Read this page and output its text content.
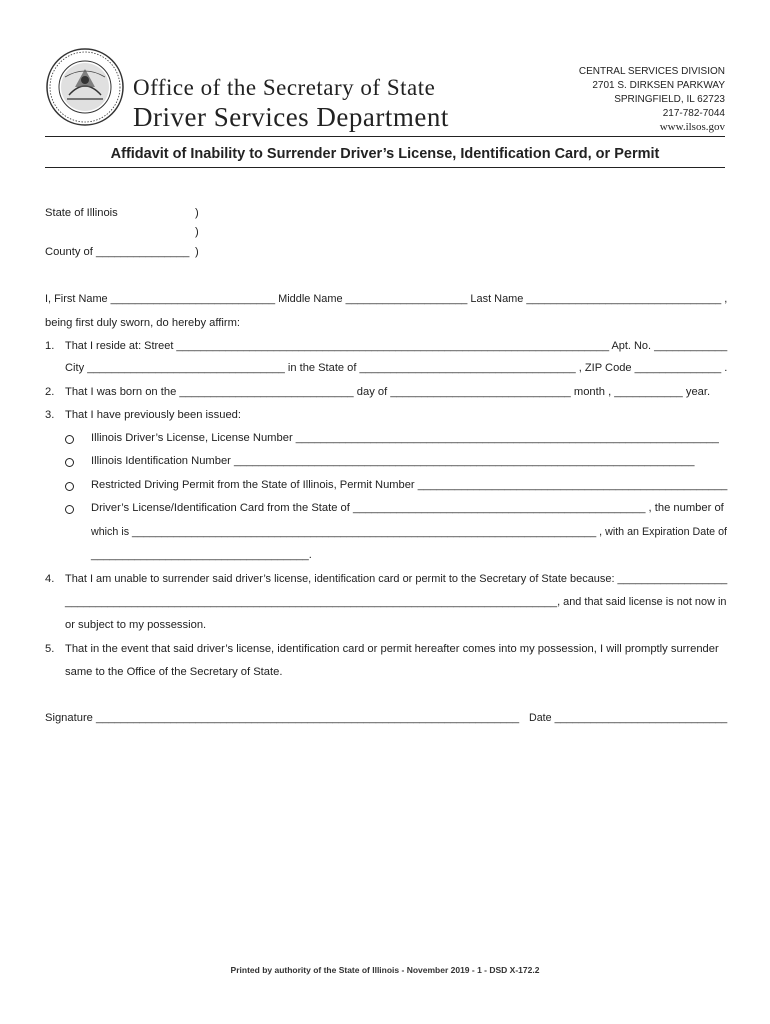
Office of the Secretary of State
Driver Services Department
CENTRAL SERVICES DIVISION
2701 S. DIRKSEN PARKWAY
SPRINGFIELD, IL 62723
217-782-7044
www.ilsos.gov
Affidavit of Inability to Surrender Driver’s License, Identification Card, or Permit
State of Illinois	)
)
County of _______________ )
I, First Name ___________________________ Middle Name ____________________ Last Name ________________________________ ,
being first duly sworn, do hereby affirm:
1. That I reside at: Street _______________________________________________________________________ Apt. No. ____________
City ________________________________ in the State of ___________________________________ , ZIP Code ______________ .
2. That I was born on the ____________________________ day of _____________________________ month , ___________ year.
3. That I have previously been issued:
Illinois Driver’s License, License Number ____________________________________________________________________
Illinois Identification Number __________________________________________________________________________
Restricted Driving Permit from the State of Illinois, Permit Number __________________________________________________
Driver’s License/Identification Card from the State of _______________________________________________ , the number of
which is ______________________________________________________________________________ , with an Expiration Date of
___________________________________.
4. That I am unable to surrender said driver’s license, identification card or permit to the Secretary of State because: __________________
_________________________________________________________________________________, and that said license is not now in
or subject to my possession.
5. That in the event that said driver’s license, identification card or permit hereafter comes into my possession, I will promptly surrender
same to the Office of the Secretary of State.
Signature ____________________________________________________________________ Date _____________________________
Printed by authority of the State of Illinois - November 2019 - 1 - DSD X-172.2
